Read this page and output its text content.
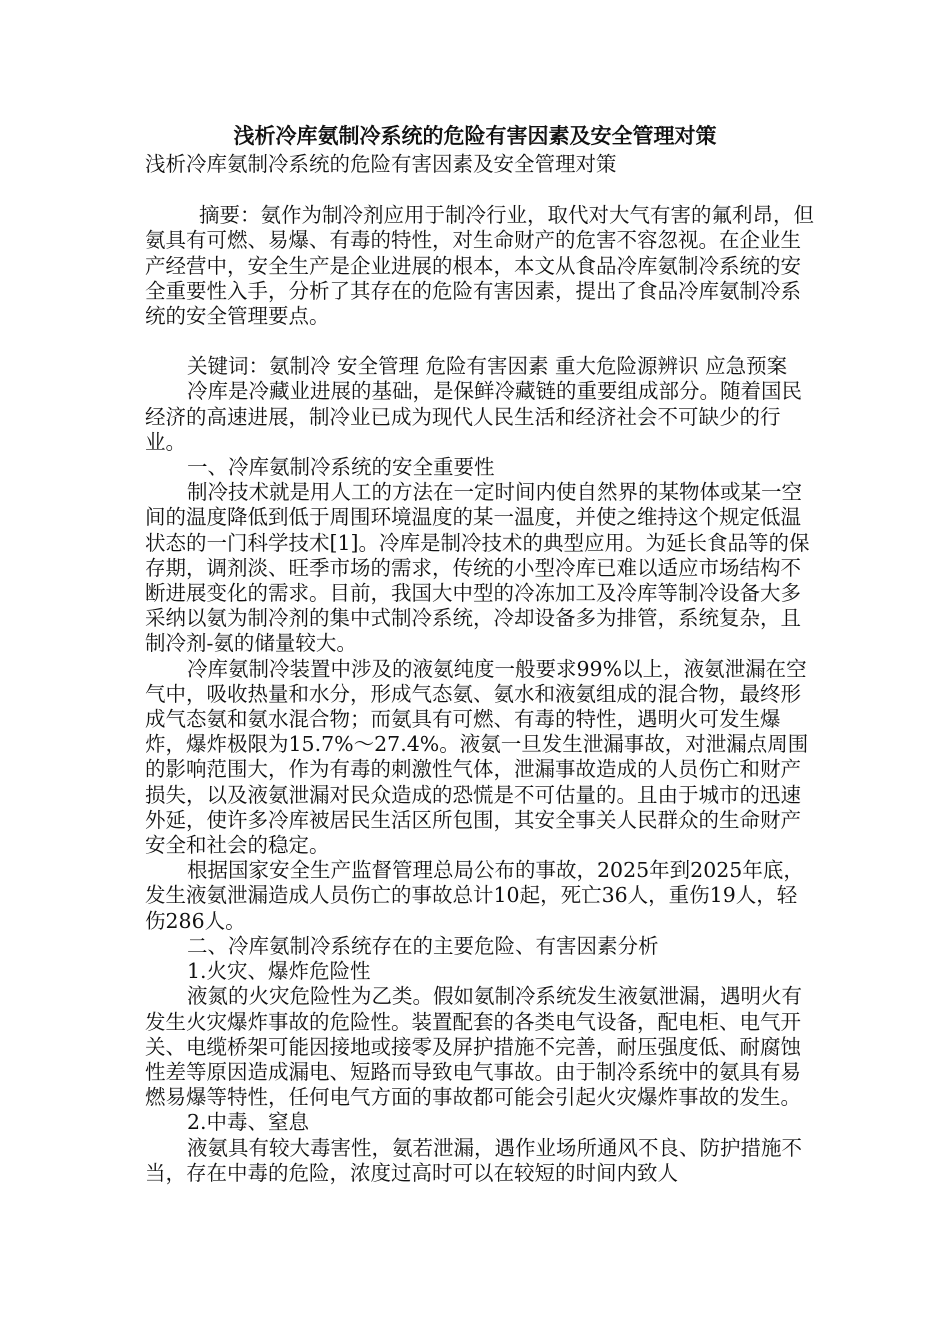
浅析冷库氨制冷系统的危险有害因素及安全管理对策

浅析冷库氨制冷系统的危险有害因素及安全管理对策

摘要：氨作为制冷剂应用于制冷行业，取代对大气有害的氟利昂，但氨具有可燃、易爆、有毒的特性，对生命财产的危害不容忽视。在企业生产经营中，安全生产是企业进展的根本，本文从食品冷库氨制冷系统的安全重要性入手，分析了其存在的危险有害因素，提出了食品冷库氨制冷系统的安全管理要点。

关键词：氨制冷 安全管理 危险有害因素 重大危险源辨识 应急预案

冷库是冷藏业进展的基础，是保鲜冷藏链的重要组成部分。随着国民经济的高速进展，制冷业已成为现代人民生活和经济社会不可缺少的行业。

一、冷库氨制冷系统的安全重要性

制冷技术就是用人工的方法在一定时间内使自然界的某物体或某一空间的温度降低到低于周围环境温度的某一温度，并使之维持这个规定低温状态的一门科学技术[1]。冷库是制冷技术的典型应用。为延长食品等的保存期，调剂淡、旺季市场的需求，传统的小型冷库已难以适应市场结构不断进展变化的需求。目前，我国大中型的冷冻加工及冷库等制冷设备大多采纳以氨为制冷剂的集中式制冷系统，冷却设备多为排管，系统复杂，且制冷剂-氨的储量较大。

冷库氨制冷装置中涉及的液氨纯度一般要求99%以上，液氨泄漏在空气中，吸收热量和水分，形成气态氨、氨水和液氨组成的混合物，最终形成气态氨和氨水混合物；而氨具有可燃、有毒的特性，遇明火可发生爆炸，爆炸极限为15.7%～27.4%。液氨一旦发生泄漏事故，对泄漏点周围的影响范围大，作为有毒的刺激性气体，泄漏事故造成的人员伤亡和财产损失，以及液氨泄漏对民众造成的恐慌是不可估量的。且由于城市的迅速外延，使许多冷库被居民生活区所包围，其安全事关人民群众的生命财产安全和社会的稳定。

根据国家安全生产监督管理总局公布的事故，2025年到2025年底，发生液氨泄漏造成人员伤亡的事故总计10起，死亡36人，重伤19人，轻伤286人。

二、冷库氨制冷系统存在的主要危险、有害因素分析

1.火灾、爆炸危险性

液氮的火灾危险性为乙类。假如氨制冷系统发生液氨泄漏，遇明火有发生火灾爆炸事故的危险性。装置配套的各类电气设备，配电柜、电气开关、电缆桥架可能因接地或接零及屏护措施不完善，耐压强度低、耐腐蚀性差等原因造成漏电、短路而导致电气事故。由于制冷系统中的氨具有易燃易爆等特性，任何电气方面的事故都可能会引起火灾爆炸事故的发生。

2.中毒、窒息

液氨具有较大毒害性，氨若泄漏，遇作业场所通风不良、防护措施不当，存在中毒的危险，浓度过高时可以在较短的时间内致人
